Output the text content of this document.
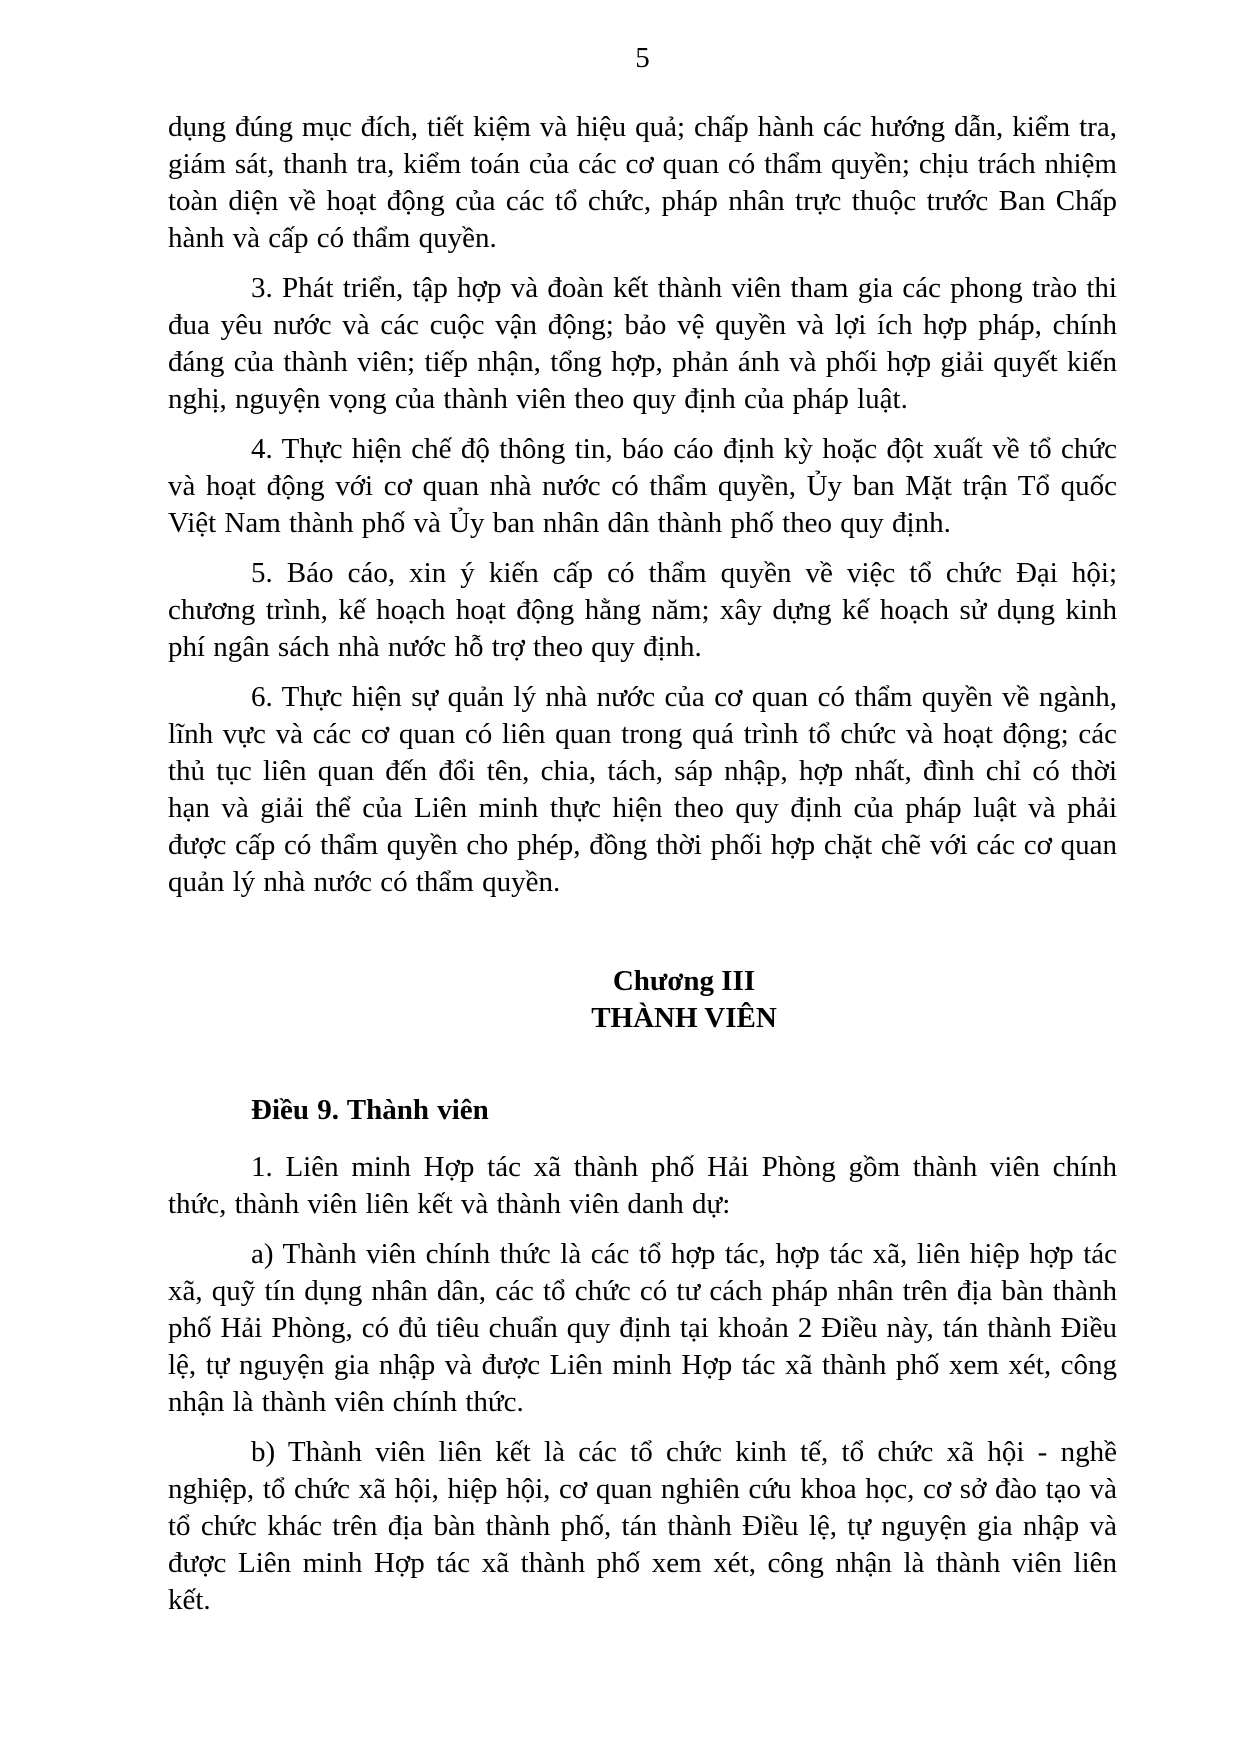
5

dụng đúng mục đích, tiết kiệm và hiệu quả; chấp hành các hướng dẫn, kiểm tra, giám sát, thanh tra, kiểm toán của các cơ quan có thẩm quyền; chịu trách nhiệm toàn diện về hoạt động của các tổ chức, pháp nhân trực thuộc trước Ban Chấp hành và cấp có thẩm quyền.

3. Phát triển, tập hợp và đoàn kết thành viên tham gia các phong trào thi đua yêu nước và các cuộc vận động; bảo vệ quyền và lợi ích hợp pháp, chính đáng của thành viên; tiếp nhận, tổng hợp, phản ánh và phối hợp giải quyết kiến nghị, nguyện vọng của thành viên theo quy định của pháp luật.

4. Thực hiện chế độ thông tin, báo cáo định kỳ hoặc đột xuất về tổ chức và hoạt động với cơ quan nhà nước có thẩm quyền, Ủy ban Mặt trận Tổ quốc Việt Nam thành phố và Ủy ban nhân dân thành phố theo quy định.

5. Báo cáo, xin ý kiến cấp có thẩm quyền về việc tổ chức Đại hội; chương trình, kế hoạch hoạt động hằng năm; xây dựng kế hoạch sử dụng kinh phí ngân sách nhà nước hỗ trợ theo quy định.

6. Thực hiện sự quản lý nhà nước của cơ quan có thẩm quyền về ngành, lĩnh vực và các cơ quan có liên quan trong quá trình tổ chức và hoạt động; các thủ tục liên quan đến đổi tên, chia, tách, sáp nhập, hợp nhất, đình chỉ có thời hạn và giải thể của Liên minh thực hiện theo quy định của pháp luật và phải được cấp có thẩm quyền cho phép, đồng thời phối hợp chặt chẽ với các cơ quan quản lý nhà nước có thẩm quyền.

Chương III
THÀNH VIÊN

Điều 9. Thành viên

1. Liên minh Hợp tác xã thành phố Hải Phòng gồm thành viên chính thức, thành viên liên kết và thành viên danh dự:

a) Thành viên chính thức là các tổ hợp tác, hợp tác xã, liên hiệp hợp tác xã, quỹ tín dụng nhân dân, các tổ chức có tư cách pháp nhân trên địa bàn thành phố Hải Phòng, có đủ tiêu chuẩn quy định tại khoản 2 Điều này, tán thành Điều lệ, tự nguyện gia nhập và được Liên minh Hợp tác xã thành phố xem xét, công nhận là thành viên chính thức.

b) Thành viên liên kết là các tổ chức kinh tế, tổ chức xã hội - nghề nghiệp, tổ chức xã hội, hiệp hội, cơ quan nghiên cứu khoa học, cơ sở đào tạo và tổ chức khác trên địa bàn thành phố, tán thành Điều lệ, tự nguyện gia nhập và được Liên minh Hợp tác xã thành phố xem xét, công nhận là thành viên liên kết.
